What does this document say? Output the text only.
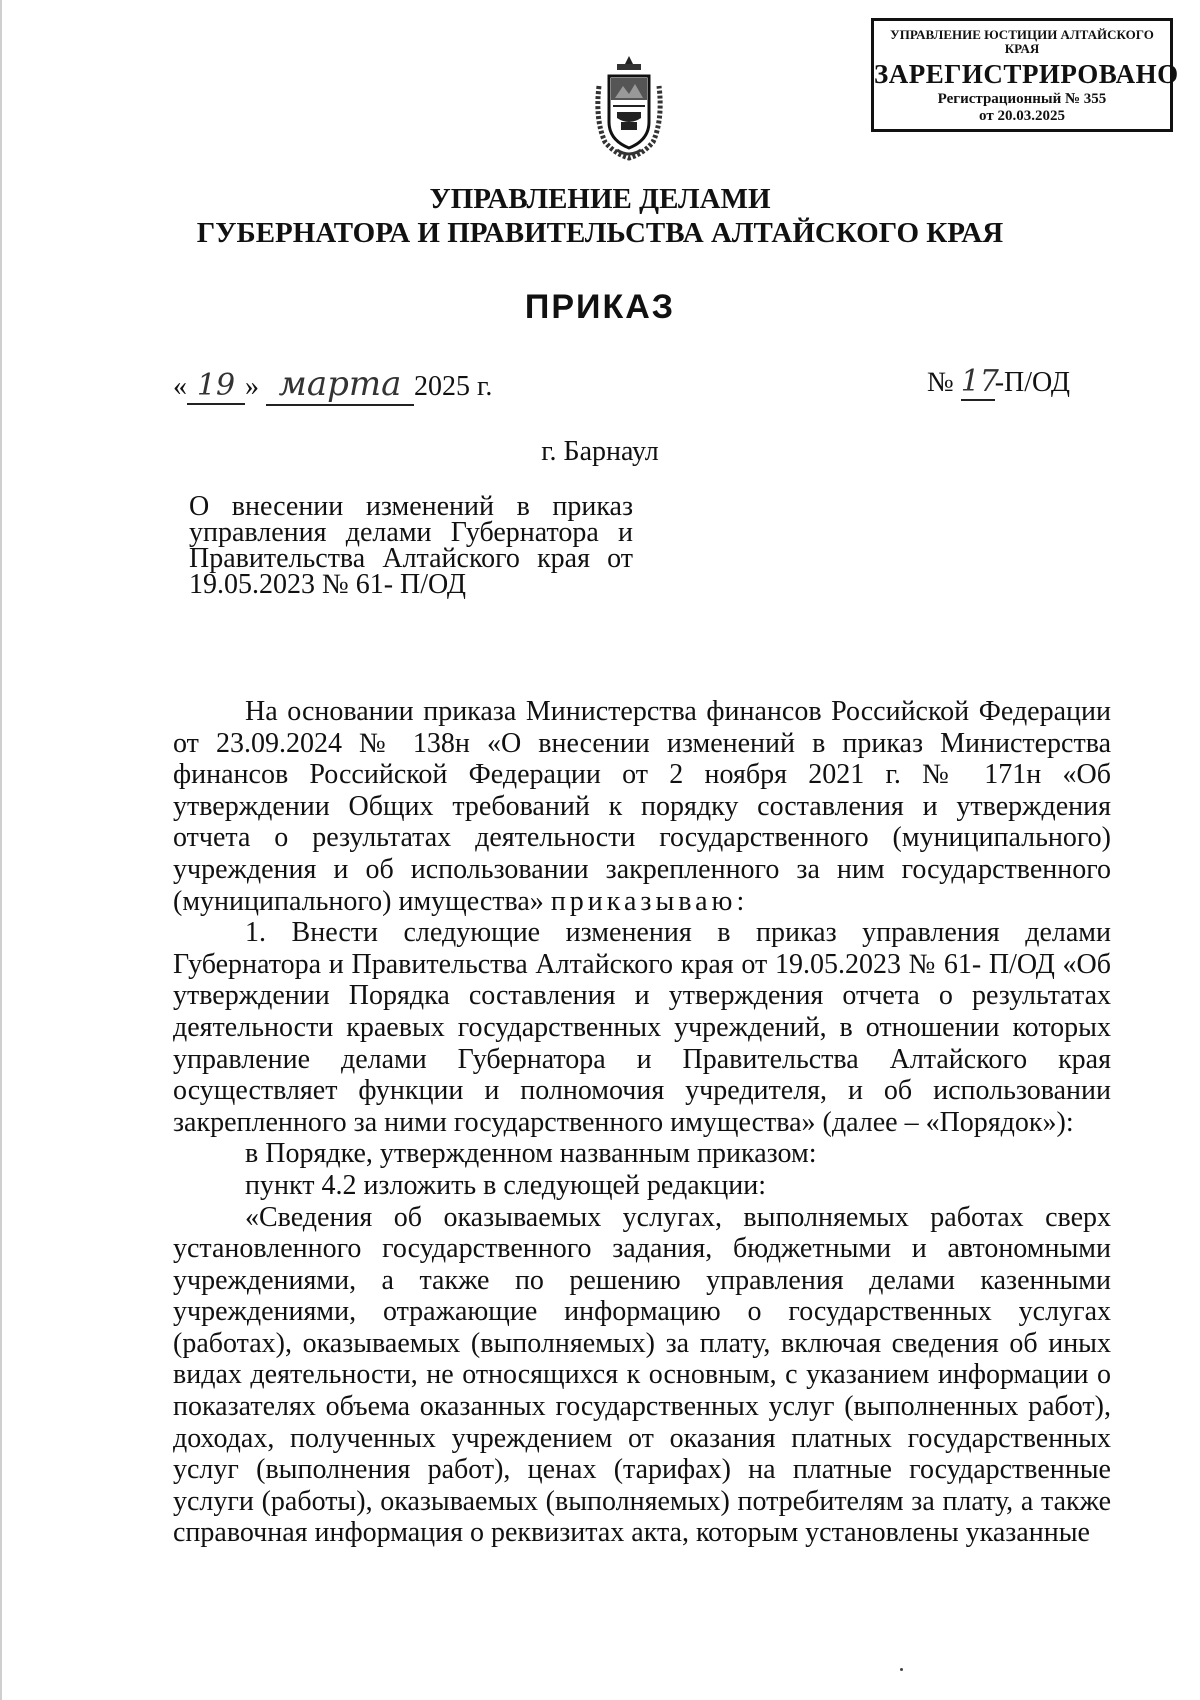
УПРАВЛЕНИЕ ЮСТИЦИИ АЛТАЙСКОГО КРАЯ
ЗАРЕГИСТРИРОВАНО
Регистрационный № 355
от 20.03.2025
УПРАВЛЕНИЕ ДЕЛАМИ
ГУБЕРНАТОРА И ПРАВИТЕЛЬСТВА АЛТАЙСКОГО КРАЯ
ПРИКАЗ
« 19 » марта 2025 г.	№ 17-П/ОД
г. Барнаул
О внесении изменений в приказ управления делами Губернатора и Правительства Алтайского края от 19.05.2023 № 61- П/ОД

На основании приказа Министерства финансов Российской Федерации от 23.09.2024 № 138н «О внесении изменений в приказ Министерства финансов Российской Федерации от 2 ноября 2021 г. № 171н «Об утверждении Общих требований к порядку составления и утверждения отчета о результатах деятельности государственного (муниципального) учреждения и об использовании закрепленного за ним государственного (муниципального) имущества» приказываю:

1. Внести следующие изменения в приказ управления делами Губернатора и Правительства Алтайского края от 19.05.2023 № 61- П/ОД «Об утверждении Порядка составления и утверждения отчета о результатах деятельности краевых государственных учреждений, в отношении которых управление делами Губернатора и Правительства Алтайского края осуществляет функции и полномочия учредителя, и об использовании закрепленного за ними государственного имущества» (далее – «Порядок»):

в Порядке, утвержденном названным приказом:

пункт 4.2 изложить в следующей редакции:

«Сведения об оказываемых услугах, выполняемых работах сверх установленного государственного задания, бюджетными и автономными учреждениями, а также по решению управления делами казенными учреждениями, отражающие информацию о государственных услугах (работах), оказываемых (выполняемых) за плату, включая сведения об иных видах деятельности, не относящихся к основным, с указанием информации о показателях объема оказанных государственных услуг (выполненных работ), доходах, полученных учреждением от оказания платных государственных услуг (выполнения работ), ценах (тарифах) на платные государственные услуги (работы), оказываемых (выполняемых) потребителям за плату, а также справочная информация о реквизитах акта, которым установлены указанные
